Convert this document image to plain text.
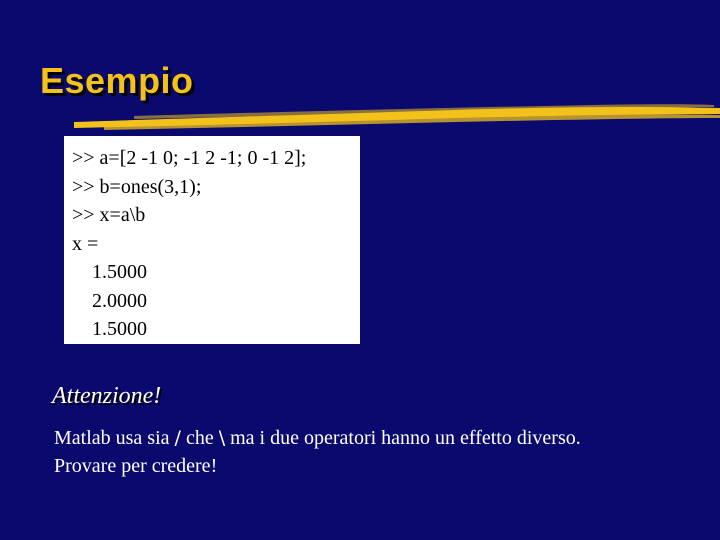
Esempio
>> a=[2 -1 0; -1 2 -1; 0 -1 2];
>> b=ones(3,1);
>> x=a\b
x =
1.5000
2.0000
1.5000
Attenzione!

Matlab usa sia / che \ ma i due operatori hanno un effetto diverso.

Provare per credere!
